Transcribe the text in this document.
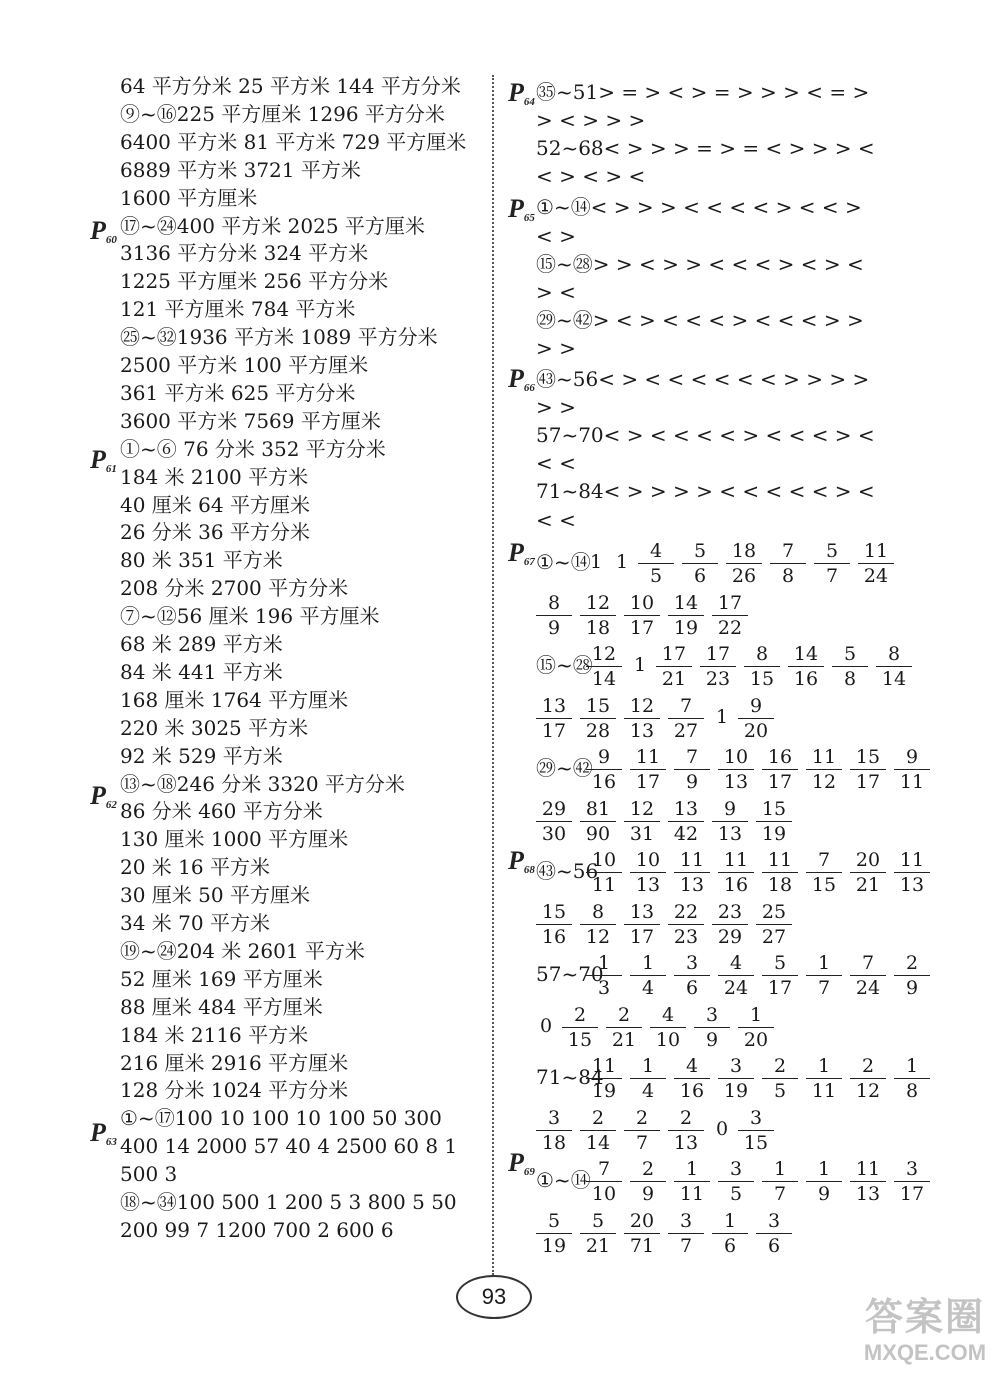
64 平方分米 25 平方米 144 平方分米
⑨~⑯225 平方厘米 1296 平方分米
6400 平方米 81 平方米 729 平方厘米
6889 平方米 3721 平方米
1600 平方厘米
$P_{60}$
⑰~㉔400 平方米 2025 平方厘米
3136 平方分米 324 平方米
1225 平方厘米 256 平方分米
121 平方厘米 784 平方米
㉕~㉜1936 平方米 1089 平方分米
2500 平方米 100 平方厘米
361 平方米 625 平方分米
3600 平方米 7569 平方厘米
$P_{61}$
①~⑥ 76 分米 352 平方分米
184 米 2100 平方米
40 厘米 64 平方厘米
26 分米 36 平方分米
80 米 351 平方米
208 分米 2700 平方分米
⑦~⑫56 厘米 196 平方厘米
68 米 289 平方米
84 米 441 平方米
168 厘米 1764 平方厘米
220 米 3025 平方米
92 米 529 平方米
$P_{62}$
⑬~⑱246 分米 3320 平方分米
86 分米 460 平方分米
130 厘米 1000 平方厘米
20 米 16 平方米
30 厘米 50 平方厘米
34 米 70 平方米
⑲~㉔204 米 2601 平方米
52 厘米 169 平方厘米
88 厘米 484 平方厘米
184 米 2116 平方米
216 厘米 2916 平方厘米
128 分米 1024 平方分米
$P_{63}$
①~⑰100 10 100 10 100 50 300
400 14 2000 57 40 4 2500 60 8 1
500 3
⑱~㉞100 500 1 200 5 3 800 5 50
200 99 7 1200 700 2 600 6
$P_{64}$ ㉟~51> = > < > = > > > < = >
> < > > >
52~68< > > > = > = < > > > <
< > < > <
$P_{65}$ ①~⑭< > > > < < < < > < < >
< >
⑮~㉘> > < > > < < < > < > <
> <
㉙~㊷> < > < < < > < < < > >
> >
$P_{66}$ ㊸~56< > < < < < < < > > > >
> >
57~70< > < < < < > < < < > <
< <
71~84< > > > > < < < < < > <
< <
$P_{67}$ ①~⑭ 1 $1 \frac{4}{5} \frac{5}{6} \frac{18}{26} \frac{7}{8} \frac{5}{7} \frac{11}{24}$
$\frac{8}{9} \frac{12}{18} \frac{10}{17} \frac{14}{19} \frac{17}{22}$
⑮~㉘
$\frac{12}{14} 1 \frac{17}{21} \frac{17}{23} \frac{8}{15} \frac{14}{16} \frac{5}{8} \frac{8}{14}$
$\frac{13}{17} \frac{15}{28} \frac{12}{13} \frac{7}{27} 1 \frac{9}{20}$
㉙~㊷
$\frac{9}{16} \frac{11}{17} \frac{7}{9} \frac{10}{13} \frac{16}{17} \frac{11}{12} \frac{15}{17} \frac{9}{11}$
$\frac{29}{30} \frac{81}{90} \frac{12}{31} \frac{13}{42} \frac{9}{13} \frac{15}{19}$
$P_{68}$ ㊸~56
$\frac{10}{11} \frac{10}{13} \frac{11}{13} \frac{11}{16} \frac{11}{18} \frac{7}{15} \frac{20}{21} \frac{11}{13}$
$\frac{15}{16} \frac{8}{12} \frac{13}{17} \frac{22}{23} \frac{23}{29} \frac{25}{27}$
57~70
$\frac{1}{3} \frac{1}{4} \frac{3}{6} \frac{4}{24} \frac{5}{17} \frac{1}{7} \frac{7}{24} \frac{2}{9}$
$0 \frac{2}{15} \frac{2}{21} \frac{4}{10} \frac{3}{9} \frac{1}{20}$
71~84
$\frac{11}{19} \frac{1}{4} \frac{4}{16} \frac{3}{19} \frac{2}{5} \frac{1}{11} \frac{2}{12} \frac{1}{8}$
$\frac{3}{18} \frac{2}{14} \frac{2}{7} \frac{2}{13} 0 \frac{3}{15}$
$P_{69}$ ①~⑭
$\frac{7}{10} \frac{2}{9} \frac{1}{11} \frac{3}{5} \frac{1}{7} \frac{1}{9} \frac{11}{13} \frac{3}{17}$
$\frac{5}{19} \frac{5}{21} \frac{20}{71} \frac{3}{7} \frac{1}{6} \frac{3}{6}$
93
答案圈
MXQE.COM
